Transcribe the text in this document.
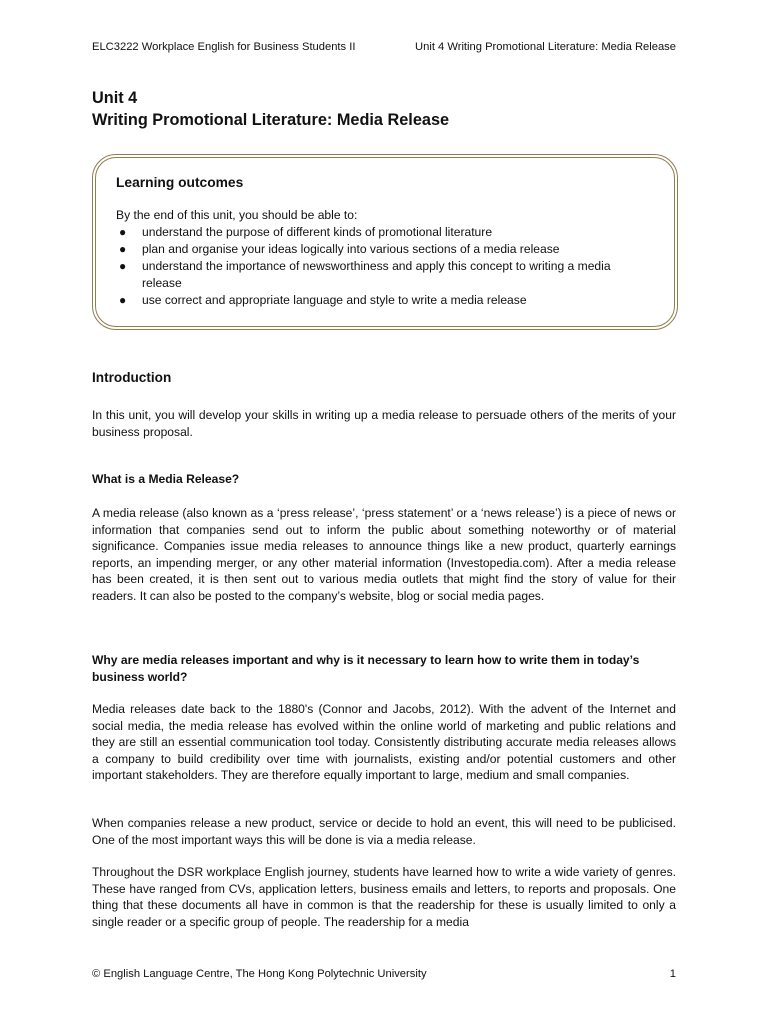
ELC3222 Workplace English for Business Students II	Unit 4 Writing Promotional Literature: Media Release
Unit 4
Writing Promotional Literature: Media Release
Learning outcomes
By the end of this unit, you should be able to:
● understand the purpose of different kinds of promotional literature
● plan and organise your ideas logically into various sections of a media release
● understand the importance of newsworthiness and apply this concept to writing a media release
● use correct and appropriate language and style to write a media release
Introduction

In this unit, you will develop your skills in writing up a media release to persuade others of the merits of your business proposal.

What is a Media Release?

A media release (also known as a ‘press release’, ‘press statement’ or a ‘news release’) is a piece of news or information that companies send out to inform the public about something noteworthy or of material significance. Companies issue media releases to announce things like a new product, quarterly earnings reports, an impending merger, or any other material information (Investopedia.com). After a media release has been created, it is then sent out to various media outlets that might find the story of value for their readers. It can also be posted to the company’s website, blog or social media pages.

Why are media releases important and why is it necessary to learn how to write them in today’s business world?

Media releases date back to the 1880's (Connor and Jacobs, 2012). With the advent of the Internet and social media, the media release has evolved within the online world of marketing and public relations and they are still an essential communication tool today. Consistently distributing accurate media releases allows a company to build credibility over time with journalists, existing and/or potential customers and other important stakeholders. They are therefore equally important to large, medium and small companies.

When companies release a new product, service or decide to hold an event, this will need to be publicised. One of the most important ways this will be done is via a media release.

Throughout the DSR workplace English journey, students have learned how to write a wide variety of genres. These have ranged from CVs, application letters, business emails and letters, to reports and proposals. One thing that these documents all have in common is that the readership for these is usually limited to only a single reader or a specific group of people. The readership for a media

© English Language Centre, The Hong Kong Polytechnic University	1
